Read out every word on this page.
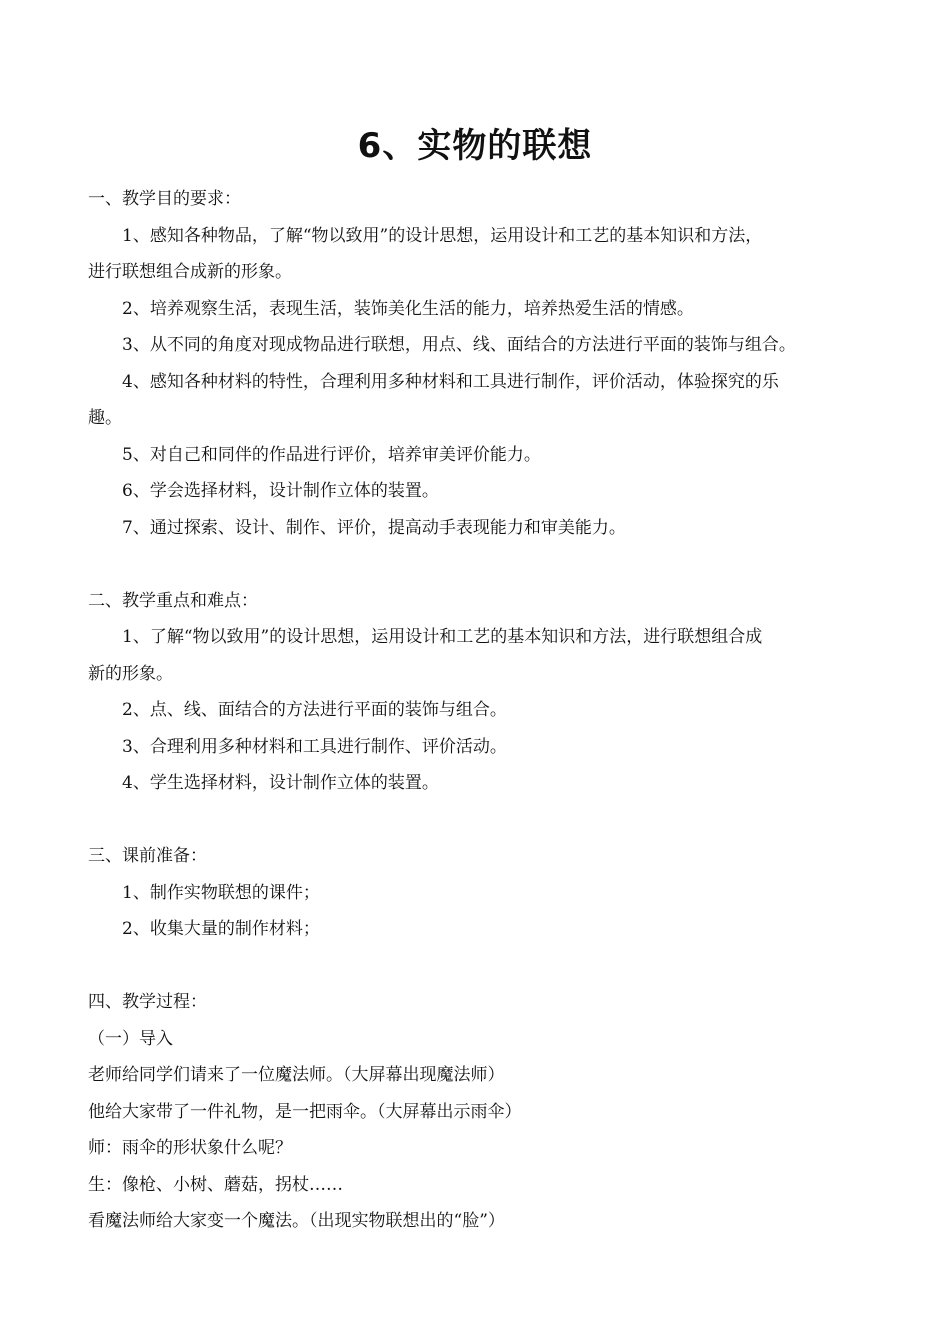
6、实物的联想

一、教学目的要求：

1、感知各种物品，了解“物以致用”的设计思想，运用设计和工艺的基本知识和方法，

进行联想组合成新的形象。

2、培养观察生活，表现生活，装饰美化生活的能力，培养热爱生活的情感。

3、从不同的角度对现成物品进行联想，用点、线、面结合的方法进行平面的装饰与组合。

4、感知各种材料的特性，合理利用多种材料和工具进行制作，评价活动，体验探究的乐

趣。

5、对自己和同伴的作品进行评价，培养审美评价能力。

6、学会选择材料，设计制作立体的装置。

7、通过探索、设计、制作、评价，提高动手表现能力和审美能力。

二、教学重点和难点：

1、了解“物以致用”的设计思想，运用设计和工艺的基本知识和方法，进行联想组合成

新的形象。

2、点、线、面结合的方法进行平面的装饰与组合。

3、合理利用多种材料和工具进行制作、评价活动。

4、学生选择材料，设计制作立体的装置。

三、课前准备：

1、制作实物联想的课件；

2、收集大量的制作材料；

四、教学过程：

（一）导入

老师给同学们请来了一位魔法师。（大屏幕出现魔法师）

他给大家带了一件礼物，是一把雨伞。（大屏幕出示雨伞）

师：雨伞的形状象什么呢？

生：像枪、小树、蘑菇，拐杖……

看魔法师给大家变一个魔法。（出现实物联想出的“脸”）
